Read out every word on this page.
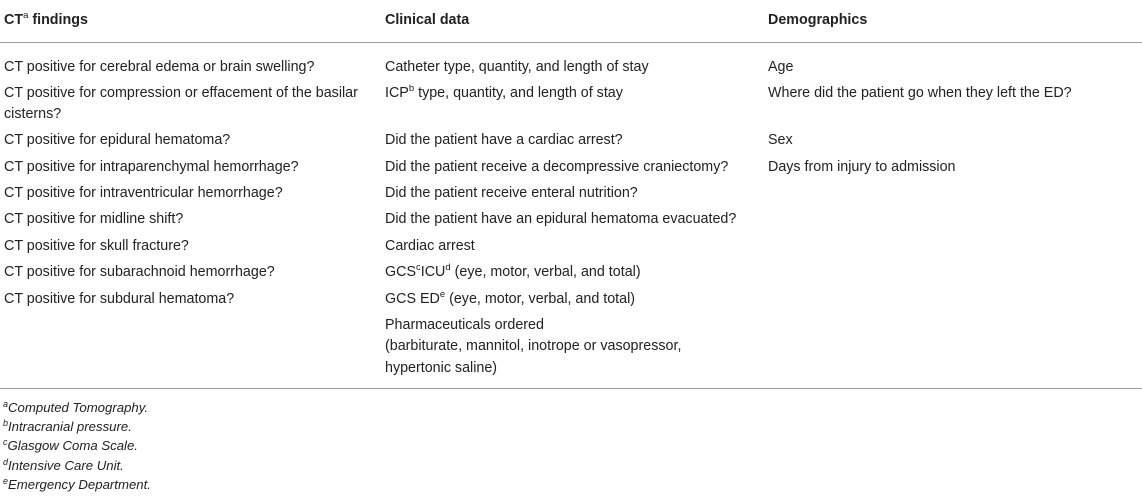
$CT^a$ findings	Clinical data	Demographics
CT positive for cerebral edema or brain swelling?
CT positive for compression or effacement of the basilar
cisterns?
CT positive for epidural hematoma?
CT positive for intraparenchymal hemorrhage?
CT positive for intraventricular hemorrhage?
CT positive for midline shift?
CT positive for skull fracture?
CT positive for subarachnoid hemorrhage?
CT positive for subdural hematoma?
Catheter type, quantity, and length of stay
ICP$^b$ type, quantity, and length of stay
Did the patient have a cardiac arrest?
Did the patient receive a decompressive craniectomy?
Did the patient receive enteral nutrition?
Did the patient have an epidural hematoma evacuated?
Cardiac arrest
GCS$^c$ICU$^d$ (eye, motor, verbal, and total)
GCS $ED^e$ (eye, motor, verbal, and total)
Pharmaceuticals ordered
(barbiturate, mannitol, inotrope or vasopressor,
hypertonic saline)
Age
Where did the patient go when they left the ED?
Sex
Days from injury to admission
$^a$Computed Tomography.
$^b$Intracranial pressure.
$^c$Glasgow Coma Scale.
$^d$Intensive Care Unit.
$^e$Emergency Department.
